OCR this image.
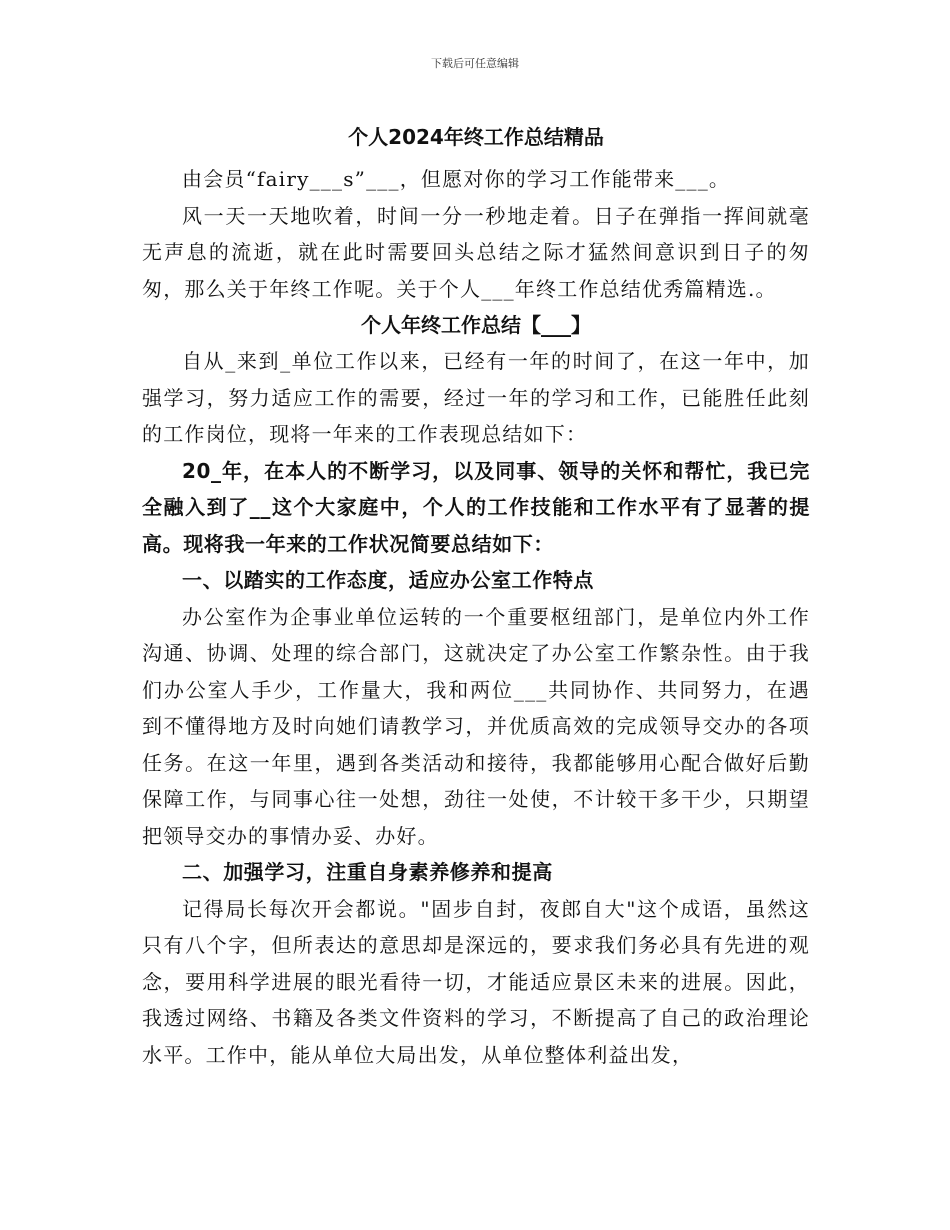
下载后可任意编辑
个人2024年终工作总结精品

由会员“fairy___s”___，但愿对你的学习工作能带来___。

风一天一天地吹着，时间一分一秒地走着。日子在弹指一挥间就毫无声息的流逝，就在此时需要回头总结之际才猛然间意识到日子的匆匆，那么关于年终工作呢。关于个人___年终工作总结优秀篇精选.。

个人年终工作总结【___】

自从_来到_单位工作以来，已经有一年的时间了，在这一年中，加强学习，努力适应工作的需要，经过一年的学习和工作，已能胜任此刻的工作岗位，现将一年来的工作表现总结如下：

20_年，在本人的不断学习，以及同事、领导的关怀和帮忙，我已完全融入到了__这个大家庭中，个人的工作技能和工作水平有了显著的提高。现将我一年来的工作状况简要总结如下：

一、以踏实的工作态度，适应办公室工作特点

办公室作为企事业单位运转的一个重要枢纽部门，是单位内外工作沟通、协调、处理的综合部门，这就决定了办公室工作繁杂性。由于我们办公室人手少，工作量大，我和两位___共同协作、共同努力，在遇到不懂得地方及时向她们请教学习，并优质高效的完成领导交办的各项任务。在这一年里，遇到各类活动和接待，我都能够用心配合做好后勤保障工作，与同事心往一处想，劲往一处使，不计较干多干少，只期望把领导交办的事情办妥、办好。

二、加强学习，注重自身素养修养和提高

记得局长每次开会都说。"固步自封，夜郎自大"这个成语，虽然这只有八个字，但所表达的意思却是深远的，要求我们务必具有先进的观念，要用科学进展的眼光看待一切，才能适应景区未来的进展。因此，我透过网络、书籍及各类文件资料的学习，不断提高了自己的政治理论水平。工作中，能从单位大局出发，从单位整体利益出发，
